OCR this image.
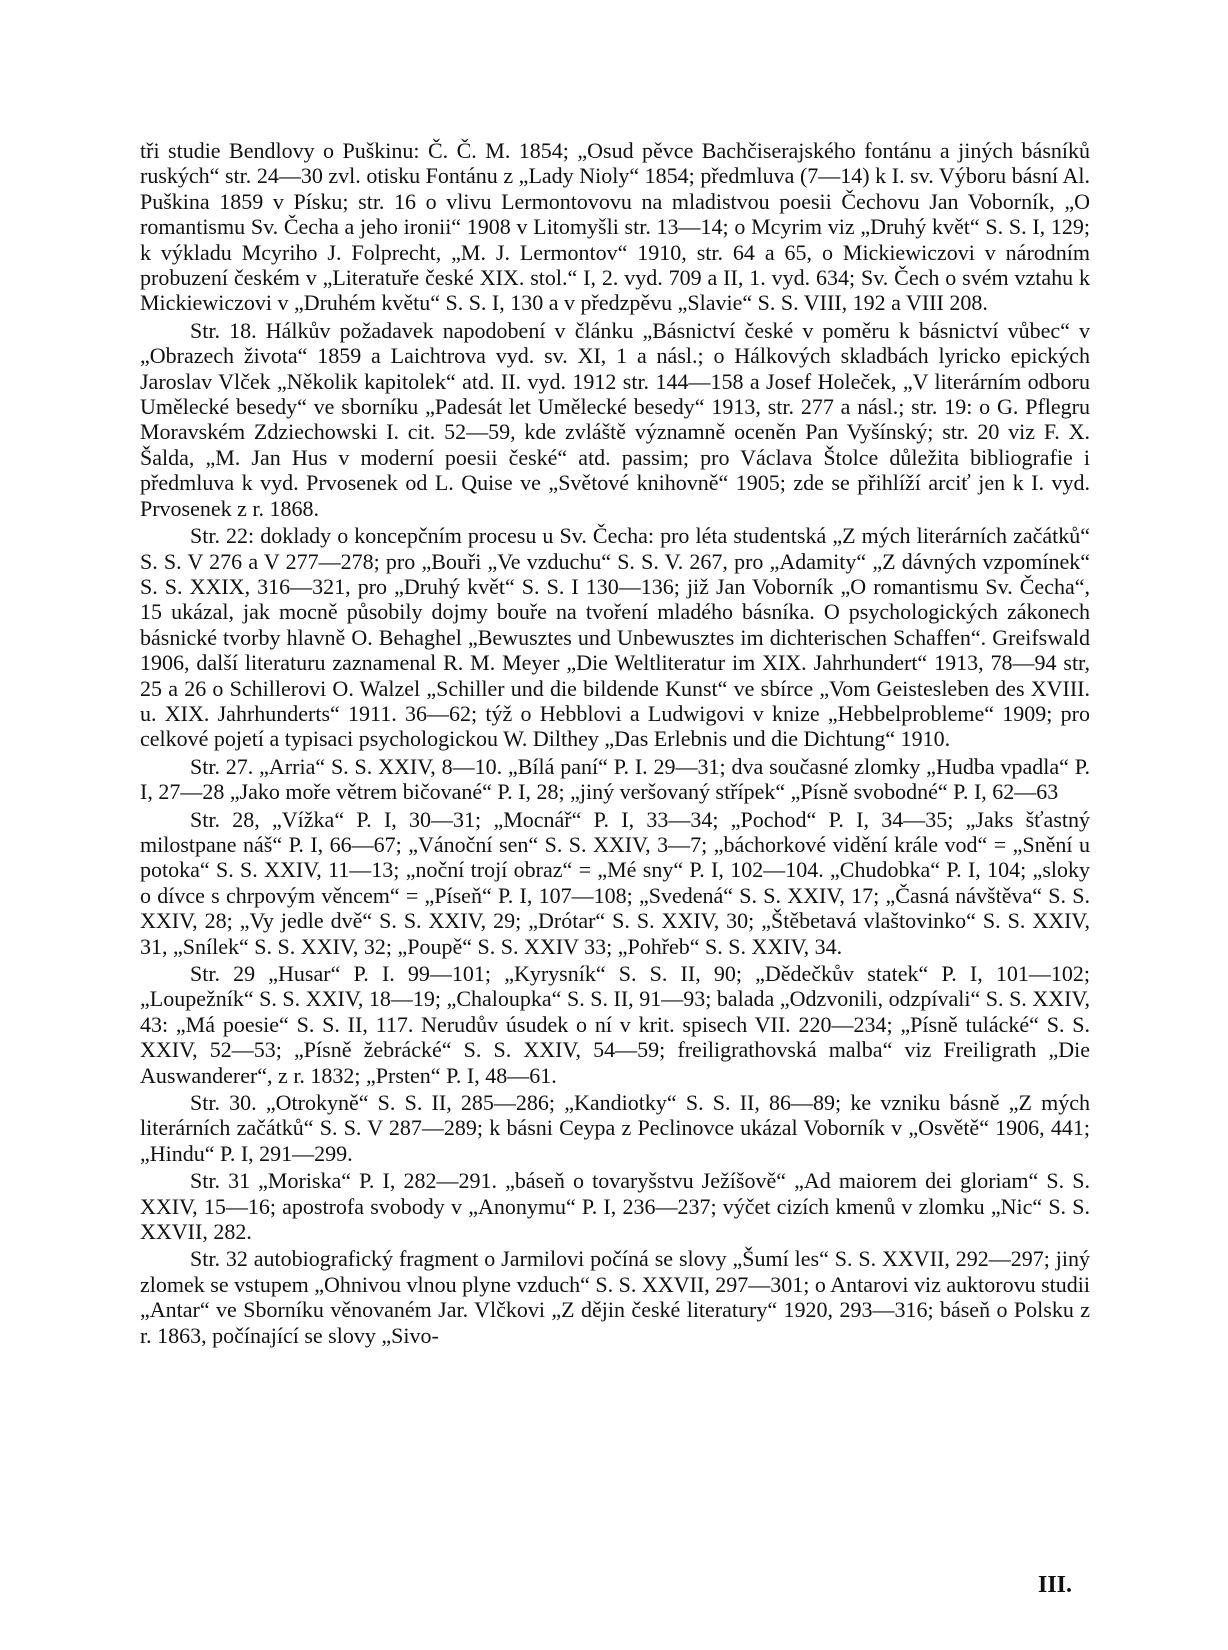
tři studie Bendlovy o Puškinu: Č. Č. M. 1854; „Osud pěvce Bachčiserajského fontánu a jiných básníků ruských“ str. 24—30 zvl. otisku Fontánu z „Lady Nioly“ 1854; předmluva (7—14) k I. sv. Výboru básní Al. Puškina 1859 v Písku; str. 16 o vlivu Lermontovovu na mladistvou poesii Čechovu Jan Voborník, „O romantismu Sv. Čecha a jeho ironii“ 1908 v Litomyšli str. 13—14; o Mcyrim viz „Druhý květ“ S. S. I, 129; k výkladu Mcyriho J. Folprecht, „M. J. Lermontov“ 1910, str. 64 a 65, o Mickiewiczovi v národním probuzení českém v „Literatuře české XIX. stol.“ I, 2. vyd. 709 a II, 1. vyd. 634; Sv. Čech o svém vztahu k Mickiewiczovi v „Druhém květu“ S. S. I, 130 a v předzpěvu „Slavie“ S. S. VIII, 192 a VIII 208.

Str. 18. Hálkův požadavek napodobení v článku „Básnictví české v poměru k básnictví vůbec“ v „Obrazech života“ 1859 a Laichtrova vyd. sv. XI, 1 a násl.; o Hálkových skladbách lyricko epických Jaroslav Vlček „Několik kapitolek“ atd. II. vyd. 1912 str. 144—158 a Josef Holeček, „V literárním odboru Umělecké besedy“ ve sborníku „Padesát let Umělecké besedy“ 1913, str. 277 a násl.; str. 19: o G. Pflegru Moravském Zdziechowski I. cit. 52—59, kde zvláště významně oceněn Pan Vyšínský; str. 20 viz F. X. Šalda, „M. Jan Hus v moderní poesii české“ atd. passim; pro Václava Štolce důležita bibliografie i předmluva k vyd. Prvosenek od L. Quise ve „Světové knihovně“ 1905; zde se přihlíží arciť jen k I. vyd. Prvosenek z r. 1868.

Str. 22: doklady o koncepčním procesu u Sv. Čecha: pro léta studentská „Z mých literárních začátků“ S. S. V 276 a V 277—278; pro „Bouři „Ve vzduchu“ S. S. V. 267, pro „Adamity“ „Z dávných vzpomínek“ S. S. XXIX, 316—321, pro „Druhý květ“ S. S. I 130—136; již Jan Voborník „O romantismu Sv. Čecha“, 15 ukázal, jak mocně působily dojmy bouře na tvoření mladého básníka. O psychologických zákonech básnické tvorby hlavně O. Behaghel „Bewusztes und Unbewusztes im dichterischen Schaffen“. Greifswald 1906, další literaturu zaznamenal R. M. Meyer „Die Weltliteratur im XIX. Jahrhundert“ 1913, 78—94 str, 25 a 26 o Schillerovi O. Walzel „Schiller und die bildende Kunst“ ve sbírce „Vom Geistesleben des XVIII. u. XIX. Jahrhunderts“ 1911. 36—62; týž o Hebblovi a Ludwigovi v knize „Hebbelprobleme“ 1909; pro celkové pojetí a typisaci psychologickou W. Dilthey „Das Erlebnis und die Dichtung“ 1910.

Str. 27. „Arria“ S. S. XXIV, 8—10. „Bílá paní“ P. I. 29—31; dva současné zlomky „Hudba vpadla“ P. I, 27—28 „Jako moře větrem bičované“ P. I, 28; „jiný veršovaný střípek“ „Písně svobodné“ P. I, 62—63

Str. 28, „Vížka“ P. I, 30—31; „Mocnář“ P. I, 33—34; „Pochod“ P. I, 34—35; „Jaks šťastný milostpane náš“ P. I, 66—67; „Vánoční sen“ S. S. XXIV, 3—7; „báchorkové vidění krále vod“ = „Snění u potoka“ S. S. XXIV, 11—13; „noční trojí obraz“ = „Mé sny“ P. I, 102—104. „Chudobka“ P. I, 104; „sloky o dívce s chrpovým věncem“ = „Píseň“ P. I, 107—108; „Svedená“ S. S. XXIV, 17; „Časná návštěva“ S. S. XXIV, 28; „Vy jedle dvě“ S. S. XXIV, 29; „Drótar“ S. S. XXIV, 30; „Štěbetavá vlaštovinko“ S. S. XXIV, 31, „Snílek“ S. S. XXIV, 32; „Poupě“ S. S. XXIV 33; „Pohřeb“ S. S. XXIV, 34.

Str. 29 „Husar“ P. I. 99—101; „Kyrysník“ S. S. II, 90; „Dědečkův statek“ P. I, 101—102; „Loupežník“ S. S. XXIV, 18—19; „Chaloupka“ S. S. II, 91—93; balada „Odzvonili, odzpívali“ S. S. XXIV, 43: „Má poesie“ S. S. II, 117. Nerudův úsudek o ní v krit. spisech VII. 220—234; „Písně tulácké“ S. S. XXIV, 52—53; „Písně žebrácké“ S. S. XXIV, 54—59; freiligrathovská malba“ viz Freiligrath „Die Auswanderer“, z r. 1832; „Prsten“ P. I, 48—61.

Str. 30. „Otrokyně“ S. S. II, 285—286; „Kandiotky“ S. S. II, 86—89; ke vzniku básně „Z mých literárních začátků“ S. S. V 287—289; k básni Ceypa z Peclinovce ukázal Voborník v „Osvětě“ 1906, 441; „Hindu“ P. I, 291—299.

Str. 31 „Moriska“ P. I, 282—291. „báseň o tovaryšstvu Ježíšově“ „Ad maiorem dei gloriam“ S. S. XXIV, 15—16; apostrofa svobody v „Anonymu“ P. I, 236—237; výčet cizích kmenů v zlomku „Nic“ S. S. XXVII, 282.

Str. 32 autobiografický fragment o Jarmilovi počíná se slovy „Šumí les“ S. S. XXVII, 292—297; jiný zlomek se vstupem „Ohnivou vlnou plyne vzduch“ S. S. XXVII, 297—301; o Antarovi viz auktorovu studii „Antar“ ve Sborníku věnovaném Jar. Vlčkovi „Z dějin české literatury“ 1920, 293—316; báseň o Polsku z r. 1863, počínající se slovy „Sivo-

III.
